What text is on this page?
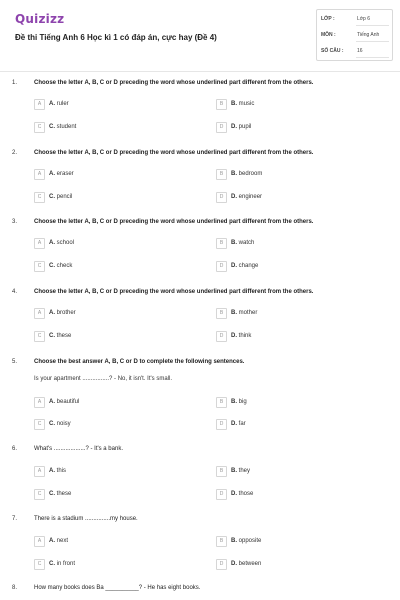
Quizizz
Đề thi Tiếng Anh 6 Học kì 1 có đáp án, cực hay (Đề 4)
LỚP :	Lớp 6
MÔN :	Tiếng Anh
SỐ CÂU :	16
1.	Choose the letter A, B, C or D preceding the word whose underlined part different from the others.
A	A. ruler	B	B. music
C	C. student	D	D. pupil
2.	Choose the letter A, B, C or D preceding the word whose underlined part different from the others.
A	A. eraser	B	B. bedroom
C	C. pencil	D	D. engineer
3.	Choose the letter A, B, C or D preceding the word whose underlined part different from the others.
A	A. school	B	B. watch
C	C. check	D	D. change
4.	Choose the letter A, B, C or D preceding the word whose underlined part different from the others.
A	A. brother	B	B. mother
C	C. these	D	D. think
5.	Choose the best answer A, B, C or D to complete the following sentences.
Is your apartment ................? - No, it isn't. It's small.
A	A. beautiful	B	B. big
C	C. noisy	D	D. far
6.	What's ...................? - It's a bank.
A	A. this	B	B. they
C	C. these	D	D. those
7.	There is a stadium ...............my house.
A	A. next	B	B. opposite
C	C. in front	D	D. between
8.	How many books does Ba __________? - He has eight books.
